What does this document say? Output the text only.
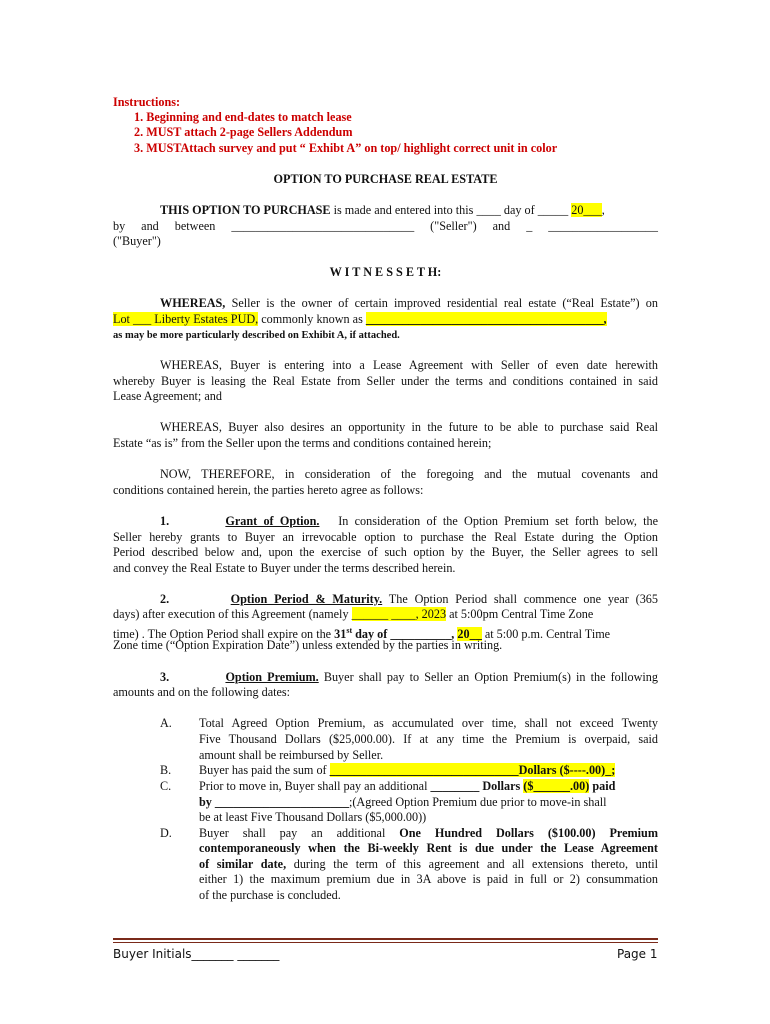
Instructions:
1. Beginning and end-dates to match lease
2. MUST attach 2-page Sellers Addendum
3. MUSTAttach survey and put “ Exhibt A” on top/ highlight correct unit in color
OPTION TO PURCHASE REAL ESTATE
THIS OPTION TO PURCHASE is made and entered into this ____ day of _____ 20___,
by and between ______________________________ ("Seller") and _ __________________
("Buyer")
W I T N E S S E T H:
WHEREAS, Seller is the owner of certain improved residential real estate (“Real Estate”) on
Lot ___ Liberty Estates PUD, commonly known as _______________________________________,
as may be more particularly described on Exhibit A, if attached.
WHEREAS, Buyer is entering into a Lease Agreement with Seller of even date herewith
whereby Buyer is leasing the Real Estate from Seller under the terms and conditions contained in said
Lease Agreement; and
WHEREAS, Buyer also desires an opportunity in the future to be able to purchase said Real
Estate “as is” from the Seller upon the terms and conditions contained herein;
NOW, THEREFORE, in consideration of the foregoing and the mutual covenants and
conditions contained herein, the parties hereto agree as follows:
1.	Grant of Option. In consideration of the Option Premium set forth below, the
Seller hereby grants to Buyer an irrevocable option to purchase the Real Estate during the Option
Period described below and, upon the exercise of such option by the Buyer, the Seller agrees to sell
and convey the Real Estate to Buyer under the terms described herein.
2.	Option Period & Maturity. The Option Period shall commence one year (365
days) after execution of this Agreement (namely ______ ____, 2023 at 5:00pm Central Time Zone
time) . The Option Period shall expire on the 31st day of __________, 20__ at 5:00 p.m. Central Time
Zone time (“Option Expiration Date”) unless extended by the parties in writing.
3.	Option Premium. Buyer shall pay to Seller an Option Premium(s) in the following
amounts and on the following dates:
A.	Total Agreed Option Premium, as accumulated over time, shall not exceed Twenty
Five Thousand Dollars ($25,000.00). If at any time the Premium is overpaid, said
amount shall be reimbursed by Seller.
B.	Buyer has paid the sum of _______________________________Dollars ($----.00)_;
C.	Prior to move in, Buyer shall pay an additional ________ Dollars ($______.00) paid
by ______________________;(Agreed Option Premium due prior to move-in shall
be at least Five Thousand Dollars ($5,000.00))
D.	Buyer shall pay an additional One Hundred Dollars ($100.00) Premium
contemporaneously when the Bi-weekly Rent is due under the Lease Agreement
of similar date, during the term of this agreement and all extensions thereto, until
either 1) the maximum premium due in 3A above is paid in full or 2) consummation
of the purchase is concluded.
Buyer Initials_______ _______	Page 1
